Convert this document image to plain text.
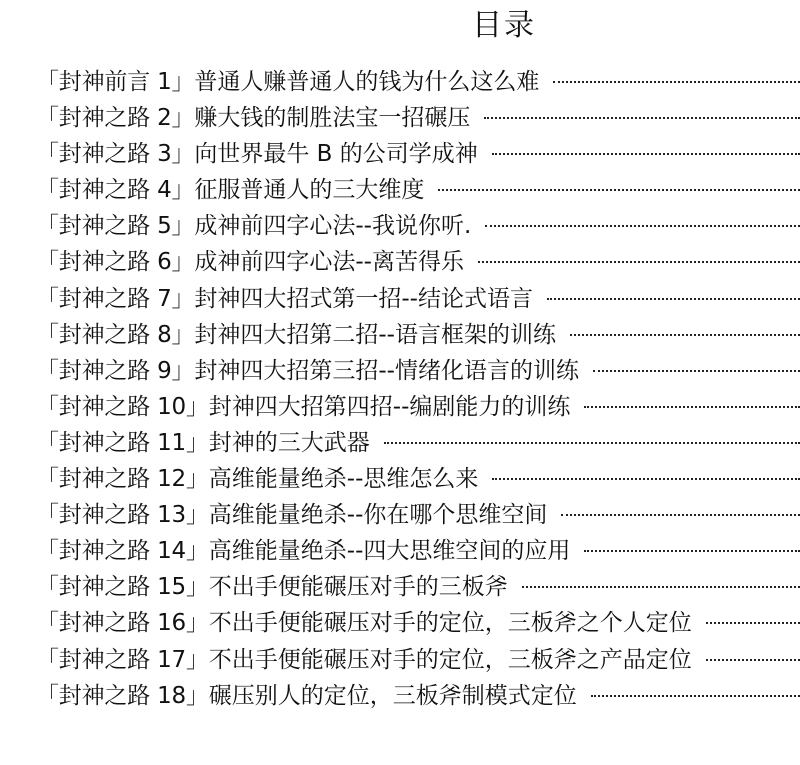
目录
「封神前言 1」 普通人赚普通人的钱为什么这么难
「封神之路 2」 赚大钱的制胜法宝一招碾压
「封神之路 3」 向世界最牛 B 的公司学成神
「封神之路 4」 征服普通人的三大维度
「封神之路 5」 成神前四字心法--我说你听.
「封神之路 6」 成神前四字心法--离苦得乐
「封神之路 7」 封神四大招式第一招--结论式语言
「封神之路 8」 封神四大招第二招--语言框架的训练
「封神之路 9」 封神四大招第三招--情绪化语言的训练
「封神之路 10」 封神四大招第四招--编剧能力的训练
「封神之路 11」 封神的三大武器
「封神之路 12」 高维能量绝杀--思维怎么来
「封神之路 13」 高维能量绝杀--你在哪个思维空间
「封神之路 14」 高维能量绝杀--四大思维空间的应用
「封神之路 15」 不出手便能碾压对手的三板斧
「封神之路 16」 不出手便能碾压对手的定位，三板斧之个人定位
「封神之路 17」 不出手便能碾压对手的定位，三板斧之产品定位
「封神之路 18」 碾压别人的定位，三板斧制模式定位
